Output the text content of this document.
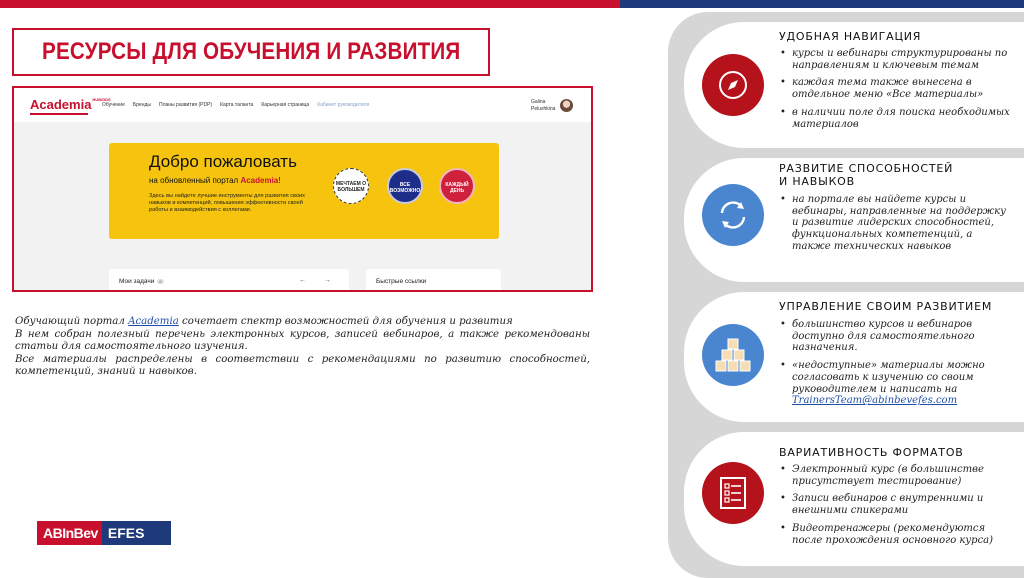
РЕСУРСЫ ДЛЯ ОБУЧЕНИЯ И РАЗВИТИЯ
Academia$^{HUB/DDS}$
Обучение Бренды Планы развития (PDP) Карта таланта Карьерная страница Кабинет руководителя	Galina
Pelushkina
Добро пожаловать
на обновленный портал Academia!
Здесь вы найдете лучшие инструменты для развития своих навыков и компетенций, повышения эффективности своей работы и взаимодействия с коллегами.
МЕЧТАЕМ О БОЛЬШЕМ
ВСЕ ВОЗМОЖНО
КАЖДЫЙ ДЕНЬ
Мои задачи 0	← →	Быстрые ссылки

Обучающий портал Academia сочетает спектр возможностей для обучения и развития

В нем собран полезный перечень электронных курсов, записей вебинаров, а также рекомендованы статьи для самостоятельного изучения.

Все материалы распределены в соответствии с рекомендациями по развитию способностей, компетенций, знаний и навыков.

ABInBev EFES
УДОБНАЯ НАВИГАЦИЯ
• курсы и вебинары структурированы по направлениям и ключевым темам
• каждая тема также вынесена в отдельное меню «Все материалы»
• в наличии поле для поиска необходимых материалов
РАЗВИТИЕ СПОСОБНОСТЕЙ
И НАВЫКОВ
• на портале вы найдете курсы и вебинары, направленные на поддержку и развитие лидерских способностей, функциональных компетенций, а также технических навыков
УПРАВЛЕНИЕ СВОИМ РАЗВИТИЕМ
• большинство курсов и вебинаров доступно для самостоятельного назначения.
• «недоступные» материалы можно согласовать к изучению со своим руководителем и написать на TrainersTeam@abinbevefes.com
ВАРИАТИВНОСТЬ ФОРМАТОВ
• Электронный курс (в большинстве присутствует тестирование)
• Записи вебинаров с внутренними и внешними спикерами
• Видеотренажеры (рекомендуются после прохождения основного курса)
